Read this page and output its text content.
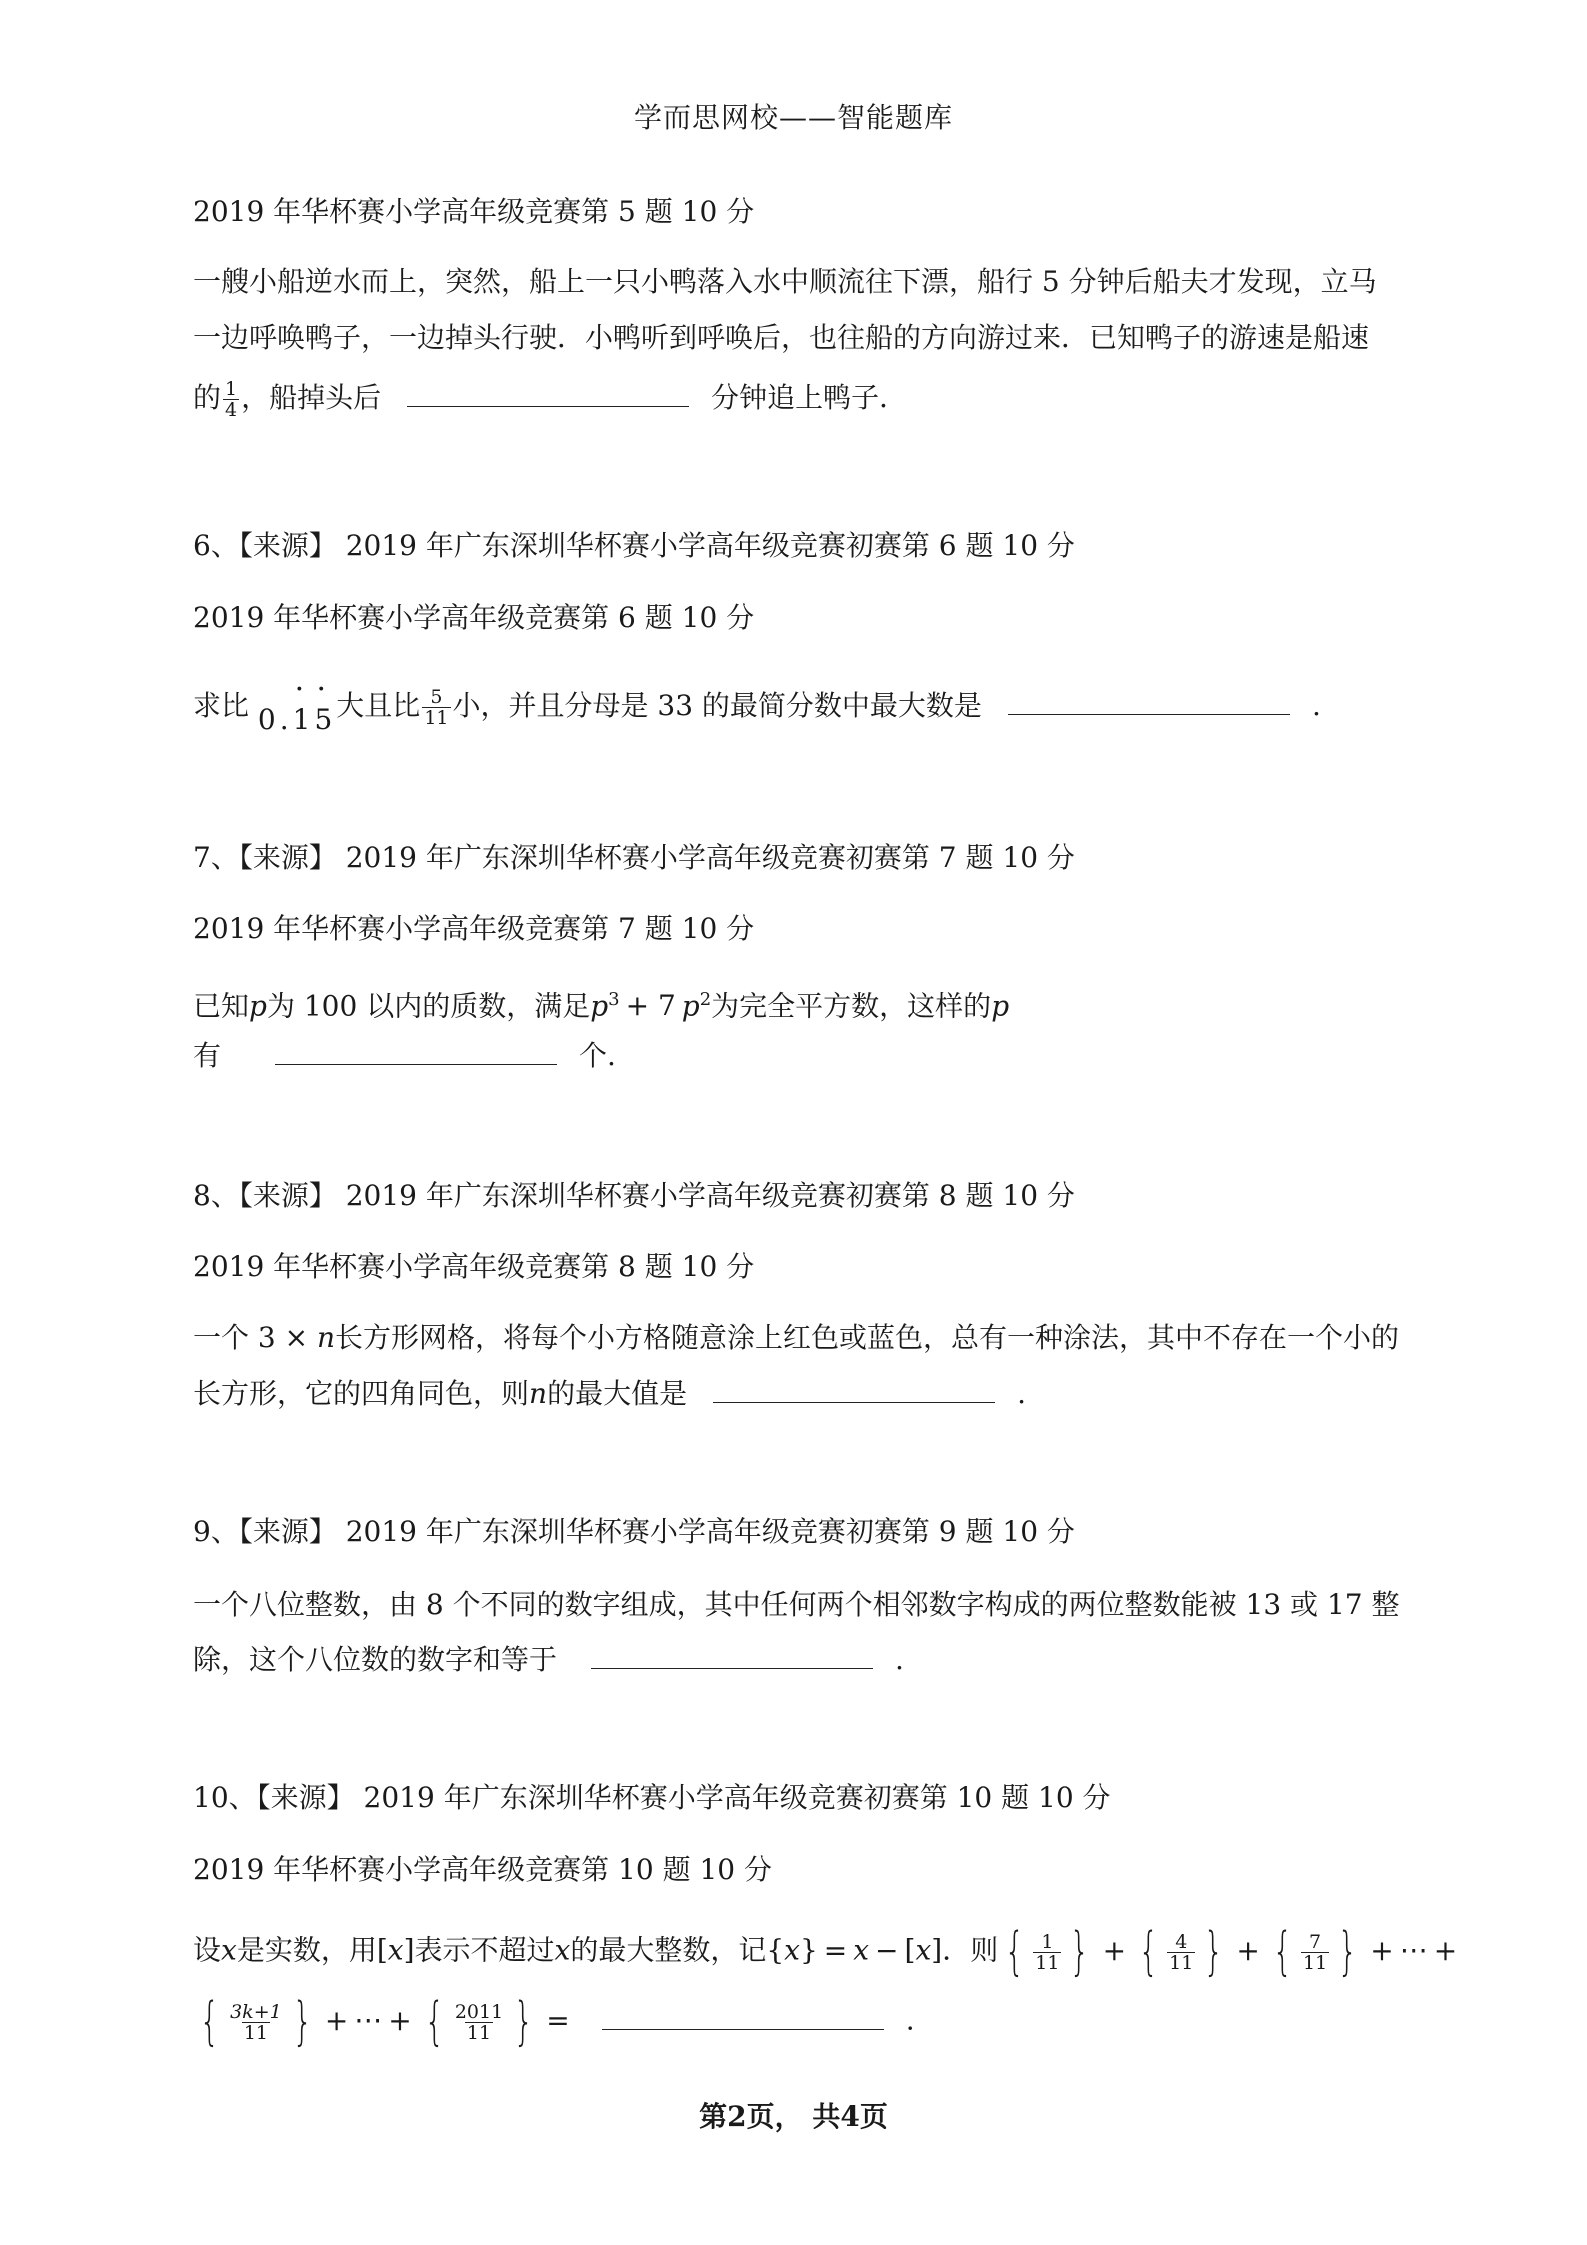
学而思网校——智能题库
2019 年华杯赛小学高年级竞赛第 5 题 10 分
一艘小船逆水而上，突然，船上一只小鸭落入水中顺流往下漂，船行 5 分钟后船夫才发现，立马
一边呼唤鸭子，一边掉头行驶．小鸭听到呼唤后，也往船的方向游过来．已知鸭子的游速是船速
的 $\frac{1}{4}$ ，船掉头后	分钟追上鸭子．
6、【来源】 2019 年广东深圳华杯赛小学高年级竞赛初赛第 6 题 10 分
2019 年华杯赛小学高年级竞赛第 6 题 10 分
求比 0.· 1· 5大且比 $\frac{5}{11}$ 小，并且分母是 33 的最简分数中最大数是	.
7、【来源】 2019 年广东深圳华杯赛小学高年级竞赛初赛第 7 题 10 分
2019 年华杯赛小学高年级竞赛第 7 题 10 分
已知p为 100 以内的质数，满足$p^3 + 7$ $p^2$为完全平方数，这样的p
有	个.
8、【来源】 2019 年广东深圳华杯赛小学高年级竞赛初赛第 8 题 10 分
2019 年华杯赛小学高年级竞赛第 8 题 10 分
一个 3 × n长方形网格，将每个小方格随意涂上红色或蓝色，总有一种涂法，其中不存在一个小的
长方形，它的四角同色，则n的最大值是	.
9、【来源】 2019 年广东深圳华杯赛小学高年级竞赛初赛第 9 题 10 分
一个八位整数，由 8 个不同的数字组成，其中任何两个相邻数字构成的两位整数能被 13 或 17 整
除，这个八位数的数字和等于	.
10、【来源】 2019 年广东深圳华杯赛小学高年级竞赛初赛第 10 题 10 分
2019 年华杯赛小学高年级竞赛第 10 题 10 分
设x是实数，用[x]表示不超过x的最大整数，记{x} = x − [x]．则 { $\frac{1}{11}$ } + { $\frac{4}{11}$ } + { $\frac{7}{11}$ } + ⋯ +
{ $\frac{3k+1}{11}$ } + ⋯ + { $\frac{2011}{11}$ } =	.
第2页， 共4页
